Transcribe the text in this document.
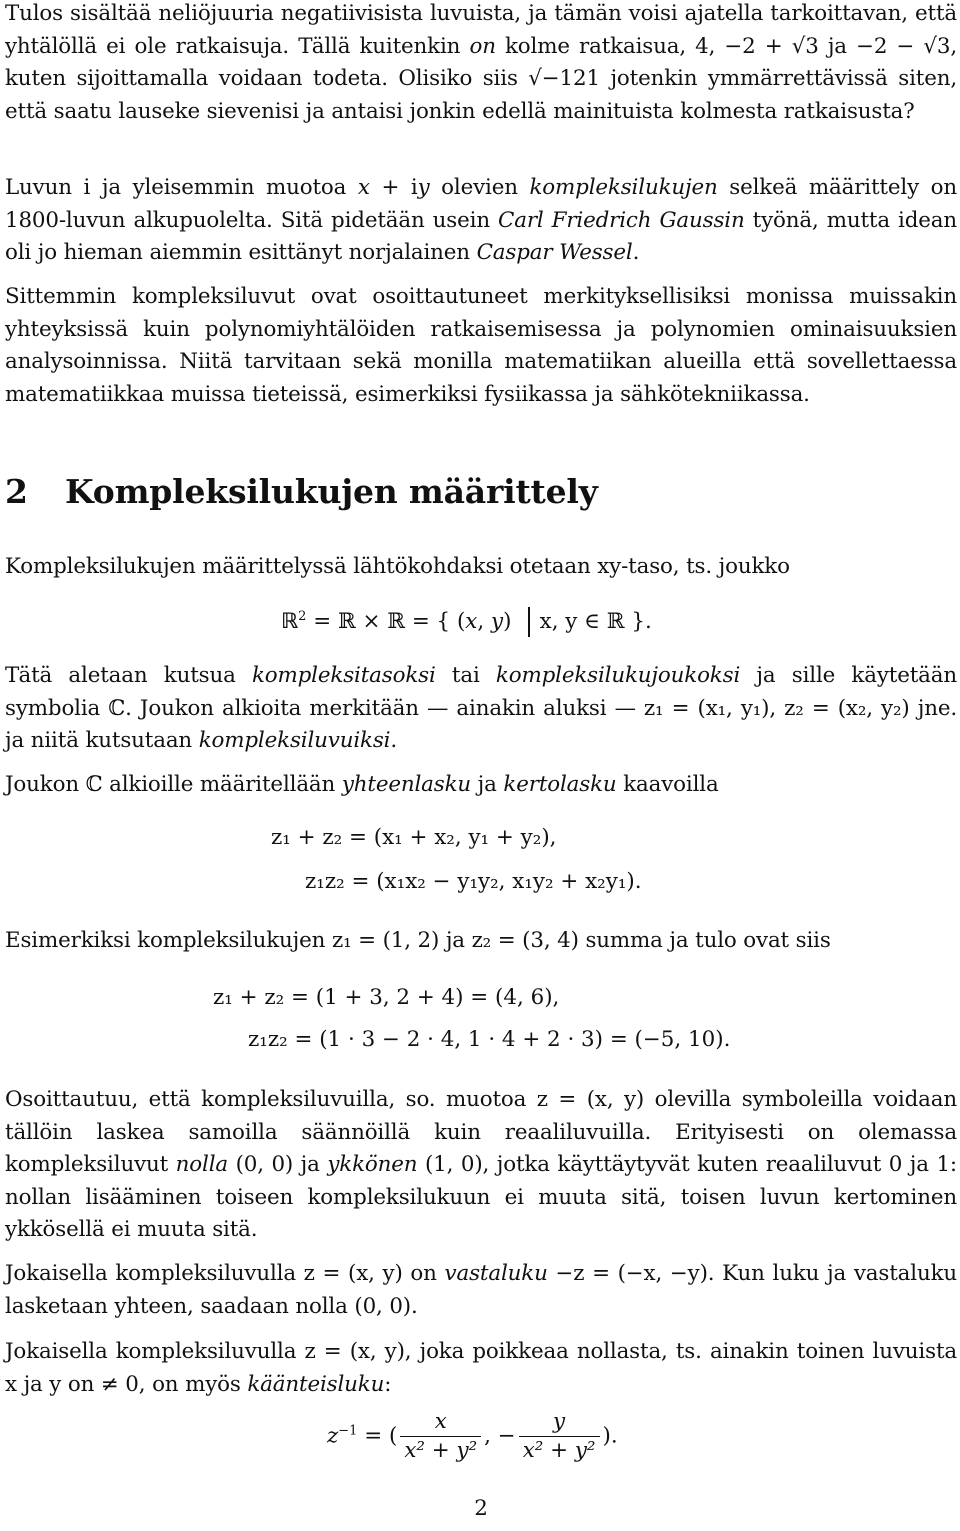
Tulos sisältää neliöjuuria negatiivisista luvuista, ja tämän voisi ajatella tarkoittavan, että yhtälöllä ei ole ratkaisuja. Tällä kuitenkin on kolme ratkaisua, 4, −2 + √3 ja −2 − √3, kuten sijoittamalla voidaan todeta. Olisiko siis √−121 jotenkin ymmärrettävissä siten, että saatu lauseke sievenisi ja antaisi jonkin edellä mainituista kolmesta ratkaisusta?

Luvun i ja yleisemmin muotoa x + iy olevien kompleksilukujen selkeä määrittely on 1800-luvun alkupuolelta. Sitä pidetään usein Carl Friedrich Gaussin työnä, mutta idean oli jo hieman aiemmin esittänyt norjalainen Caspar Wessel.

Sittemmin kompleksiluvut ovat osoittautuneet merkityksellisiksi monissa muissakin yhteyksissä kuin polynomiyhtälöiden ratkaisemisessa ja polynomien ominaisuuksien analysoinnissa. Niitä tarvitaan sekä monilla matematiikan alueilla että sovellettaessa matematiikkaa muissa tieteissä, esimerkiksi fysiikassa ja sähkötekniikassa.

2 Kompleksilukujen määrittely

Kompleksilukujen määrittelyssä lähtökohdaksi otetaan xy-taso, ts. joukko

ℝ$^2$ = ℝ × ℝ = { (x, y) x, y ∈ ℝ }.

Tätä aletaan kutsua kompleksitasoksi tai kompleksilukujoukoksi ja sille käytetään symbolia ℂ. Joukon alkioita merkitään — ainakin aluksi — z₁ = (x₁, y₁), z₂ = (x₂, y₂) jne. ja niitä kutsutaan kompleksiluvuiksi.

Joukon ℂ alkioille määritellään yhteenlasku ja kertolasku kaavoilla

z₁ + z₂ = (x₁ + x₂, y₁ + y₂),
z₁z₂ = (x₁x₂ − y₁y₂, x₁y₂ + x₂y₁).

Esimerkiksi kompleksilukujen z₁ = (1, 2) ja z₂ = (3, 4) summa ja tulo ovat siis

z₁ + z₂ = (1 + 3, 2 + 4) = (4, 6),
z₁z₂ = (1 · 3 − 2 · 4, 1 · 4 + 2 · 3) = (−5, 10).

Osoittautuu, että kompleksiluvuilla, so. muotoa z = (x, y) olevilla symboleilla voidaan tällöin laskea samoilla säännöillä kuin reaaliluvuilla. Erityisesti on olemassa kompleksiluvut nolla (0, 0) ja ykkönen (1, 0), jotka käyttäytyvät kuten reaaliluvut 0 ja 1: nollan lisääminen toiseen kompleksilukuun ei muuta sitä, toisen luvun kertominen ykkösellä ei muuta sitä.

Jokaisella kompleksiluvulla z = (x, y) on vastaluku −z = (−x, −y). Kun luku ja vastaluku lasketaan yhteen, saadaan nolla (0, 0).

Jokaisella kompleksiluvulla z = (x, y), joka poikkeaa nollasta, ts. ainakin toinen luvuista x ja y on ≠ 0, on myös käänteisluku:

$z^{-1}$ = ( $\frac{x}{\text{x² + y²}}$ , − $\frac{y}{\text{x² + y²}}$ ).
2
